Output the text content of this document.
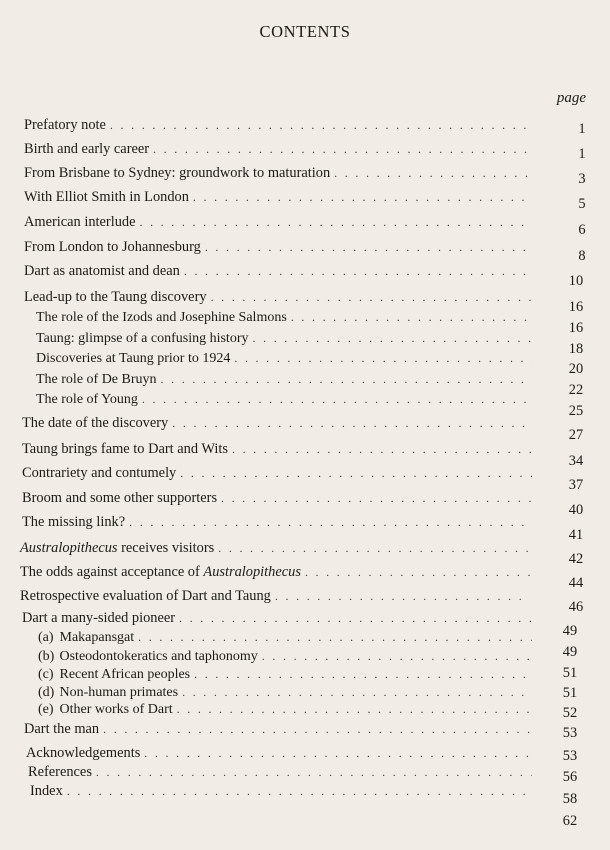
CONTENTS
page
Prefatory note
. . .
Birth and early career
. . .
From Brisbane to Sydney: groundwork to maturation
. . .
With Elliot Smith in London
. . .
American interlude
. . .
From London to Johannesburg
. . .
Dart as anatomist and dean
. . .
Lead-up to the Taung discovery
. . .
The role of the Izods and Josephine Salmons
. . .
Taung: glimpse of a confusing history
. . .
Discoveries at Taung prior to 1924
. . .
The role of De Bruyn
. . .
The role of Young
. . .
The date of the discovery
. . .
Taung brings fame to Dart and Wits
. . .
Contrariety and contumely
. . .
Broom and some other supporters
. . .
The missing link?
. . .
Australopithecus receives visitors
. . .
The odds against acceptance of Australopithecus
. . .
Retrospective evaluation of Dart and Taung
. . .
Dart a many-sided pioneer
. . .
(a) Makapansgat
. . .
(b) Osteodontokeratics and taphonomy
. . .
(c) Recent African peoples
. . .
(d) Non-human primates
. . .
(e) Other works of Dart
. . .
Dart the man
. . .
Acknowledgements
. . .
References
. . .
Index
. . .
1
1
3
5
6
8
10
16
16
18
20
22
25
27
34
37
40
41
42
44
46
49
49
51
51
52
53
53
56
58
62
